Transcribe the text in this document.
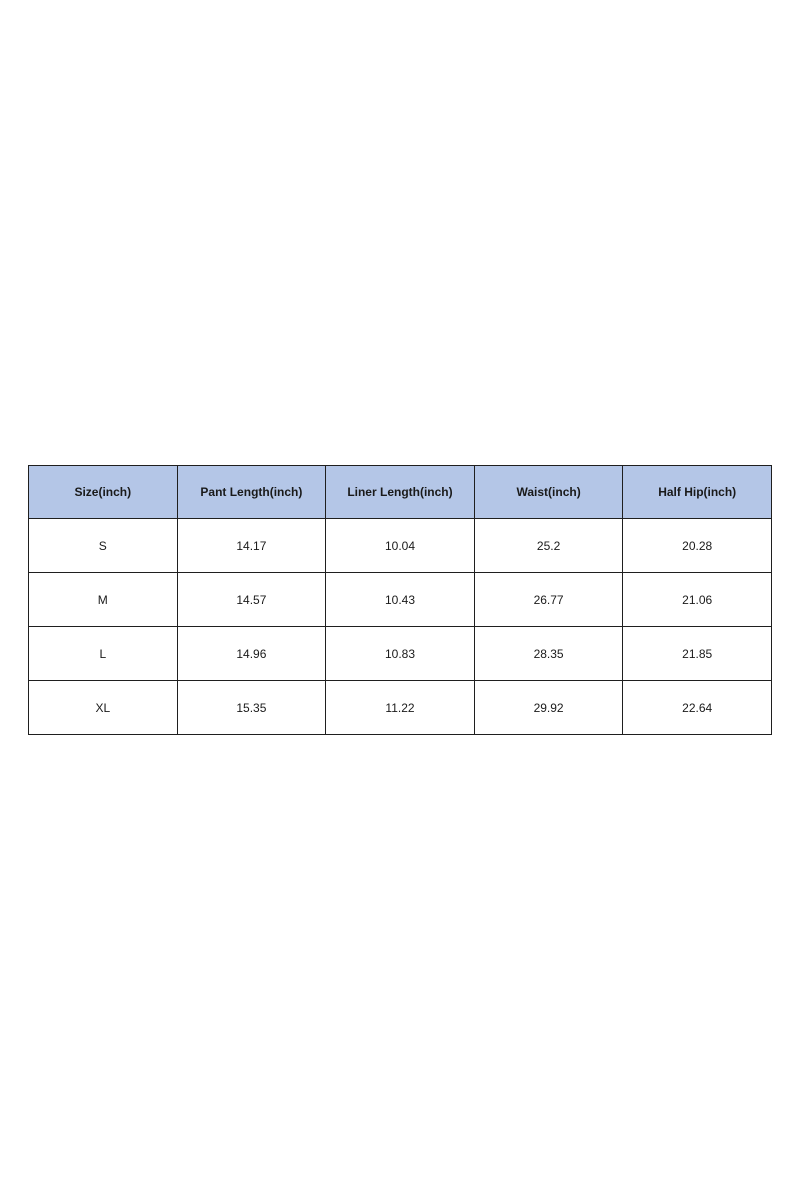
Size(inch)	Pant Length(inch)	Liner Length(inch)	Waist(inch)	Half Hip(inch)
S	14.17	10.04	25.2	20.28
M	14.57	10.43	26.77	21.06
L	14.96	10.83	28.35	21.85
XL	15.35	11.22	29.92	22.64
